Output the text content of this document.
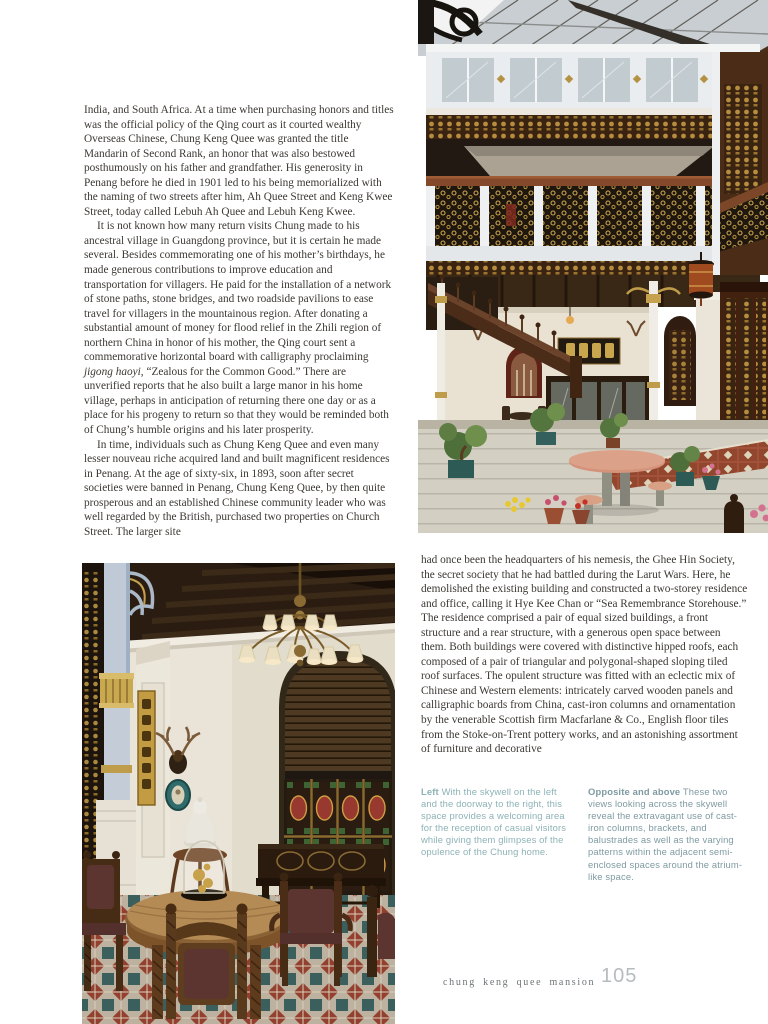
India, and South Africa. At a time when purchasing honors and titles was the official policy of the Qing court as it courted wealthy Overseas Chinese, Chung Keng Quee was granted the title Mandarin of Second Rank, an honor that was also bestowed posthumously on his father and grandfather. His generosity in Penang before he died in 1901 led to his being memorialized with the naming of two streets after him, Ah Quee Street and Keng Kwee Street, today called Lebuh Ah Quee and Lebuh Keng Kwee.

It is not known how many return visits Chung made to his ancestral village in Guangdong province, but it is certain he made several. Besides commemorating one of his mother’s birthdays, he made generous contributions to improve education and transportation for villagers. He paid for the installation of a network of stone paths, stone bridges, and two roadside pavilions to ease travel for villagers in the mountainous region. After donating a substantial amount of money for flood relief in the Zhili region of northern China in honor of his mother, the Qing court sent a commemorative horizontal board with calligraphy proclaiming jigong haoyi, “Zealous for the Common Good.” There are unverified reports that he also built a large manor in his home village, perhaps in anticipation of returning there one day or as a place for his progeny to return so that they would be reminded both of Chung’s humble origins and his later prosperity.

In time, individuals such as Chung Keng Quee and even many lesser nouveau riche acquired land and built magnificent residences in Penang. At the age of sixty-six, in 1893, soon after secret societies were banned in Penang, Chung Keng Quee, by then quite prosperous and an established Chinese community leader who was well regarded by the British, purchased two properties on Church Street. The larger site

had once been the headquarters of his nemesis, the Ghee Hin Society, the secret society that he had battled during the Larut Wars. Here, he demolished the existing building and constructed a two-storey residence and office, calling it Hye Kee Chan or “Sea Remembrance Storehouse.” The residence comprised a pair of equal sized buildings, a front structure and a rear structure, with a generous open space between them. Both buildings were covered with distinctive hipped roofs, each composed of a pair of triangular and polygonal-shaped sloping tiled roof surfaces. The opulent structure was fitted with an eclectic mix of Chinese and Western elements: intricately carved wooden panels and calligraphic boards from China, cast-iron columns and ornamentation by the venerable Scottish firm Macfarlane & Co., English floor tiles from the Stoke-on-Trent pottery works, and an astonishing assortment of furniture and decorative

Left With the skywell on the left and the doorway to the right, this space provides a welcoming area for the reception of casual visitors while giving them glimpses of the opulence of the Chung home.
Opposite and above These two views looking across the skywell reveal the extravagant use of cast-iron columns, brackets, and balustrades as well as the varying patterns within the adjacent semi-enclosed spaces around the atrium-like space.
chung keng quee mansion 105
